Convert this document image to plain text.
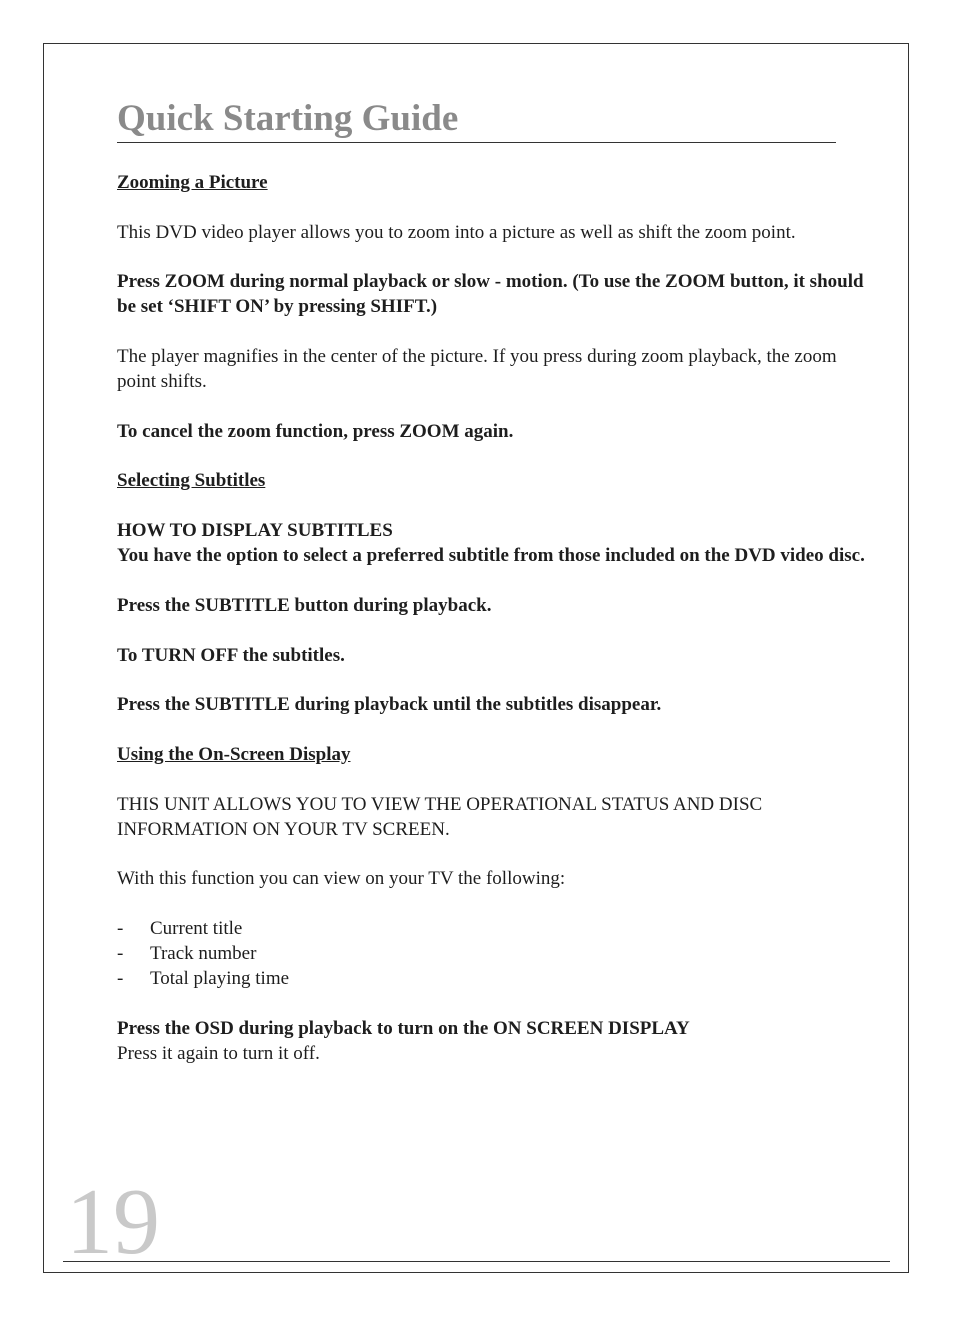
Quick Starting Guide

Zooming a Picture

This DVD video player allows you to zoom into a picture as well as shift the zoom point.

Press ZOOM during normal playback or slow - motion. (To use the ZOOM button, it should be set ‘SHIFT ON’ by pressing SHIFT.)

The player magnifies in the center of the picture. If you press during zoom playback, the zoom point shifts.

To cancel the zoom function, press ZOOM again.

Selecting Subtitles

HOW TO DISPLAY SUBTITLES
You have the option to select a preferred subtitle from those included on the DVD video disc.

Press the SUBTITLE button during playback.

To TURN OFF the subtitles.

Press the SUBTITLE during playback until the subtitles disappear.

Using the On-Screen Display

THIS UNIT ALLOWS YOU TO VIEW THE OPERATIONAL STATUS AND DISC INFORMATION ON YOUR TV SCREEN.

With this function you can view on your TV the following:

- Current title
- Track number
- Total playing time

Press the OSD during playback to turn on the ON SCREEN DISPLAY
Press it again to turn it off.

19
